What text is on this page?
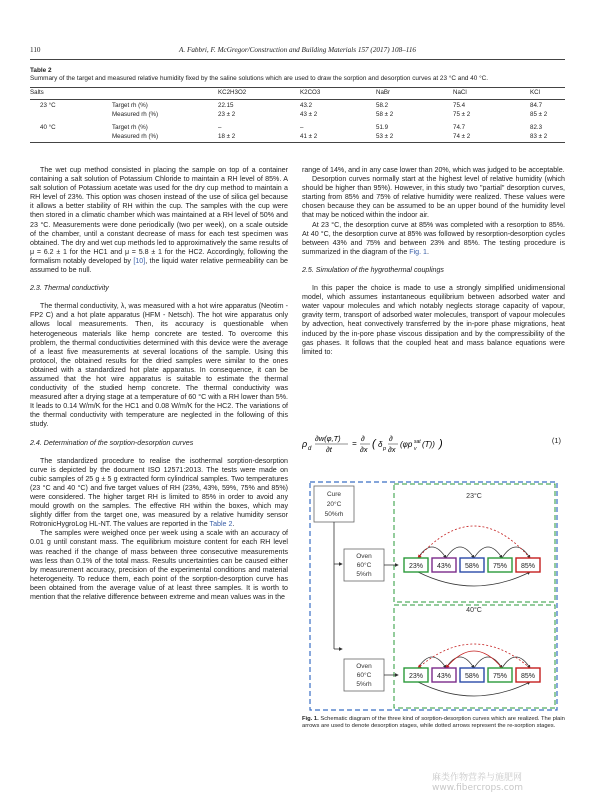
110	A. Fabbri, F. McGregor/Construction and Building Materials 157 (2017) 108–116
Table 2
Summary of the target and measured relative humidity fixed by the saline solutions which are used to draw the sorption and desorption curves at 23 °C and 40 °C.
Salts	KC2H3O2	K2CO3	NaBr	NaCl	KCl
23 °C	Target rh (%)	22.15	43.2	58.2	75.4	84.7
Measured rh (%)	23 ± 2	43 ± 2	58 ± 2	75 ± 2	85 ± 2
40 °C	Target rh (%)	–	–	51.9	74.7	82.3
Measured rh (%)	18 ± 2	41 ± 2	53 ± 2	74 ± 2	83 ± 2

The wet cup method consisted in placing the sample on top of a container containing a salt solution of Potassium Chloride to maintain a RH level of 85%. A salt solution of Potassium acetate was used for the dry cup method to maintain a RH level of 23%. This option was chosen instead of the use of silica gel because it allows a better stability of RH within the cup. The samples with the cup were then stored in a climatic chamber which was maintained at a RH level of 50% and 23 °C. Measurements were done periodically (two per week), on a scale outside of the chamber, until a constant decrease of mass for each test specimen was obtained. The dry and wet cup methods led to approximatively the same results of μ = 6.2 ± 1 for the HC1 and μ = 5.8 ± 1 for the HC2. Accordingly, following the formalism notably developed by [10], the liquid water relative permeability can be assumed to be null.

2.3. Thermal conductivity

The thermal conductivity, λ, was measured with a hot wire apparatus (Neotim - FP2 C) and a hot plate apparatus (HFM - Netsch). The hot wire apparatus only allows local measurements. Then, its accuracy is questionable when heterogeneous materials like hemp concrete are tested. To overcome this problem, the thermal conductivities determined with this device were the average of a least five measurements at several locations of the sample. Using this protocol, the obtained results for the dried samples were similar to the ones obtained with a standardized hot plate apparatus. In consequence, it can be assumed that the hot wire apparatus is suitable to estimate the thermal conductivity of the studied hemp concrete. The thermal conductivity was measured after a drying stage at a temperature of 60 °C with a RH lower than 5%. It leads to 0.14 W/m/K for the HC1 and 0.08 W/m/K for the HC2. The variations of the thermal conductivity with temperature are neglected in the following of this study.

2.4. Determination of the sorption-desorption curves

The standardized procedure to realise the isothermal sorption-desorption curve is depicted by the document ISO 12571:2013. The tests were made on cubic samples of 25 g ± 5 g extracted form cylindrical samples. Two temperatures (23 °C and 40 °C) and five target values of RH (23%, 43%, 59%, 75% and 85%) were considered. The higher target RH is limited to 85% in order to avoid any mould growth on the samples. The effective RH within the boxes, which may slightly differ from the target one, was measured by a relative humidity sensor RotronicHygroLog HL-NT. The values are reported in the Table 2.

The samples were weighed once per week using a scale with an accuracy of 0.01 g until constant mass. The equilibrium moisture content for each RH level was reached if the change of mass between three consecutive measurements was less than 0.1% of the total mass. Results uncertainties can be caused either by measurement accuracy, precision of the experimental conditions and material heterogeneity. To reduce them, each point of the sorption-desorption curve has been obtained from the average value of at least three samples. It is worth to mention that the relative difference between extreme and mean values was in the

range of 14%, and in any case lower than 20%, which was judged to be acceptable.

Desorption curves normally start at the highest level of relative humidity (which should be higher than 95%). However, in this study two "partial" desorption curves, starting from 85% and 75% of relative humidity were realized. These values were chosen because they can be assumed to be an upper bound of the humidity level that may be noticed within the indoor air.

At 23 °C, the desorption curve at 85% was completed with a resorption to 85%. At 40 °C, the desorption curve at 85% was followed by resorption-desorption cycles between 43% and 75% and between 23% and 85%. The testing procedure is summarized in the diagram of the Fig. 1.

2.5. Simulation of the hygrothermal couplings

In this paper the choice is made to use a strongly simplified unidimensional model, which assumes instantaneous equilibrium between adsorbed water and water vapour molecules and which notably neglects storage capacity of vapour, gravity term, transport of adsorbed water molecules, transport of vapour molecules by advection, heat convectively transferred by the in-pore phase migrations, heat induced by the in-pore phase viscous dissipation and by the compressibility of the gas phases. It follows that the coupled heat and mass balance equations were limited to:

ρ d
∂w(φ,T)
∂t
=
∂
∂x ( δ p
∂
∂x
(φp sat
v (T)) )	(1)
Cure
20°C
50%rh
Oven
60°C
5%rh
Oven
60°C
5%rh
23°C
40°C
23% 43% 58% 75% 85%
23% 43% 58% 75% 85%
Fig. 1. Schematic diagram of the three kind of sorption-desorption curves which are realized. The plain arrows are used to denote desorption stages, while dotted arrows represent the re-sorption stages.
麻类作物营养与施肥网 www.fibercrops.com
